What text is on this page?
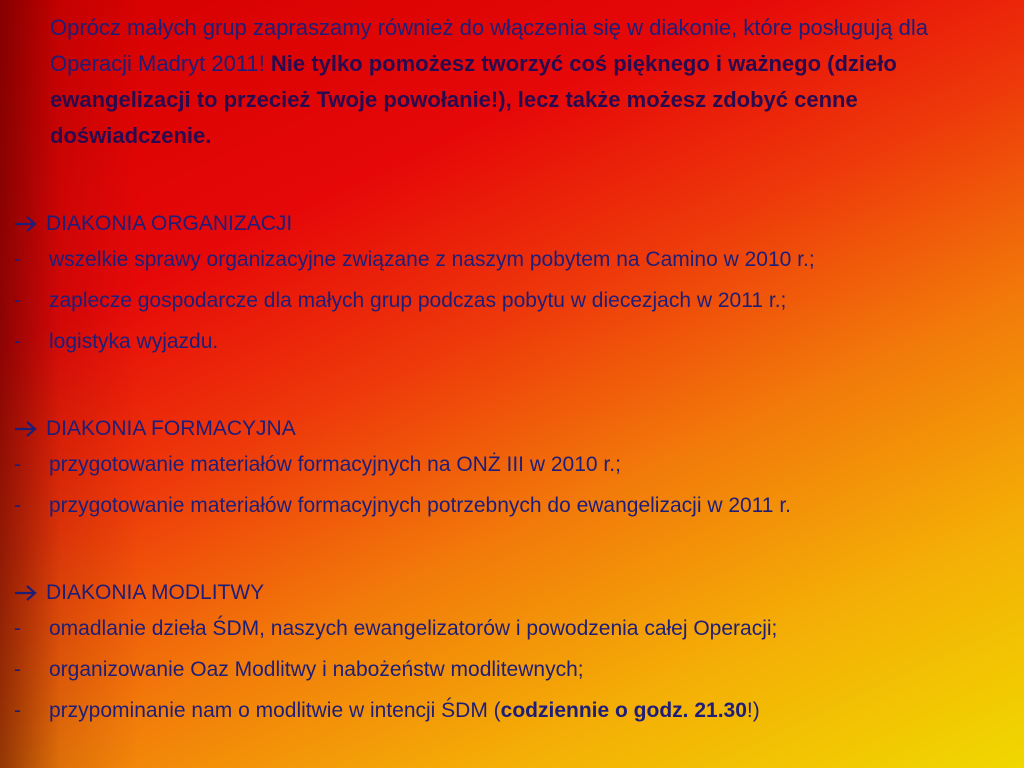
Oprócz małych grup zapraszamy również do włączenia się w diakonie, które posługują dla Operacji Madryt 2011! Nie tylko pomożesz tworzyć coś pięknego i ważnego (dzieło ewangelizacji to przecież Twoje powołanie!), lecz także możesz zdobyć cenne doświadczenie.

DIAKONIA ORGANIZACJI
-	wszelkie sprawy organizacyjne związane z naszym pobytem na Camino w 2010 r.;
-	zaplecze gospodarcze dla małych grup podczas pobytu w diecezjach w 2011 r.;
-	logistyka wyjazdu.
DIAKONIA FORMACYJNA
-	przygotowanie materiałów formacyjnych na ONŻ III w 2010 r.;
-	przygotowanie materiałów formacyjnych potrzebnych do ewangelizacji w 2011 r.
DIAKONIA MODLITWY
-	omadlanie dzieła ŚDM, naszych ewangelizatorów i powodzenia całej Operacji;
-	organizowanie Oaz Modlitwy i nabożeństw modlitewnych;
-	przypominanie nam o modlitwie w intencji ŚDM (codziennie o godz. 21.30!)
